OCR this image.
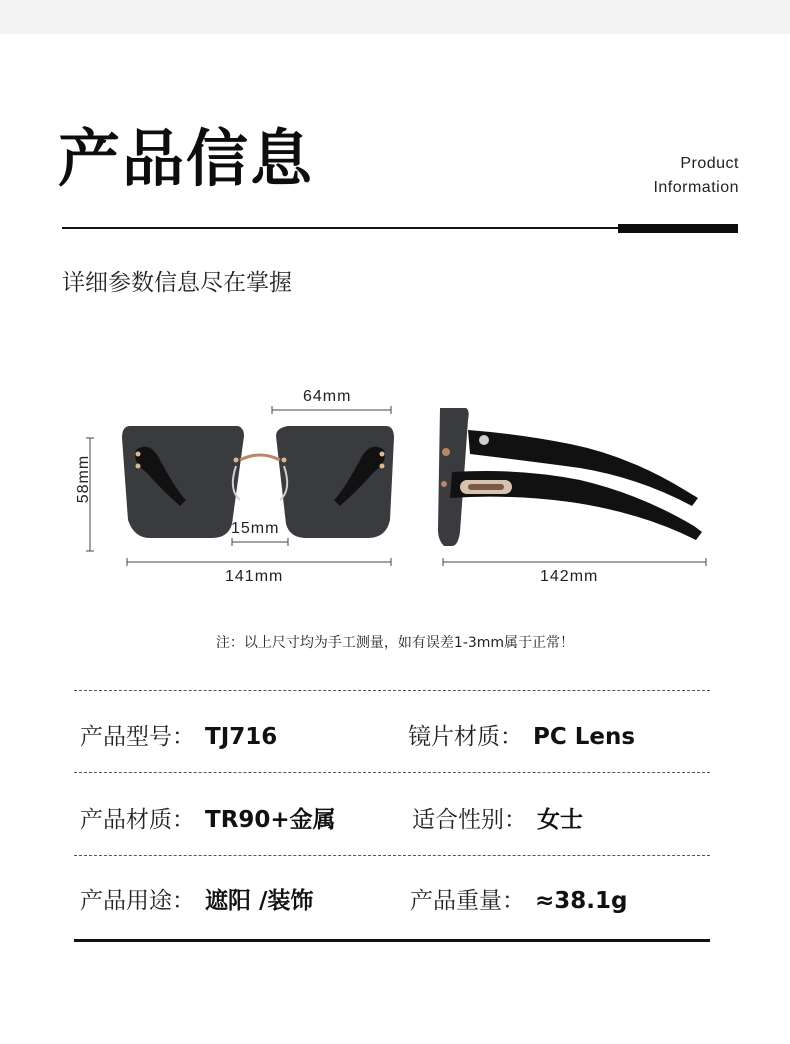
产品信息	Product
Information
详细参数信息尽在掌握
64mm
58mm
15mm
141mm	142mm
注：以上尺寸均为手工测量，如有误差1-3mm属于正常！
产品型号： TJ716	镜片材质： PC Lens
产品材质： TR90+金属	适合性别： 女士
产品用途： 遮阳 /装饰	产品重量： ≈38.1g
